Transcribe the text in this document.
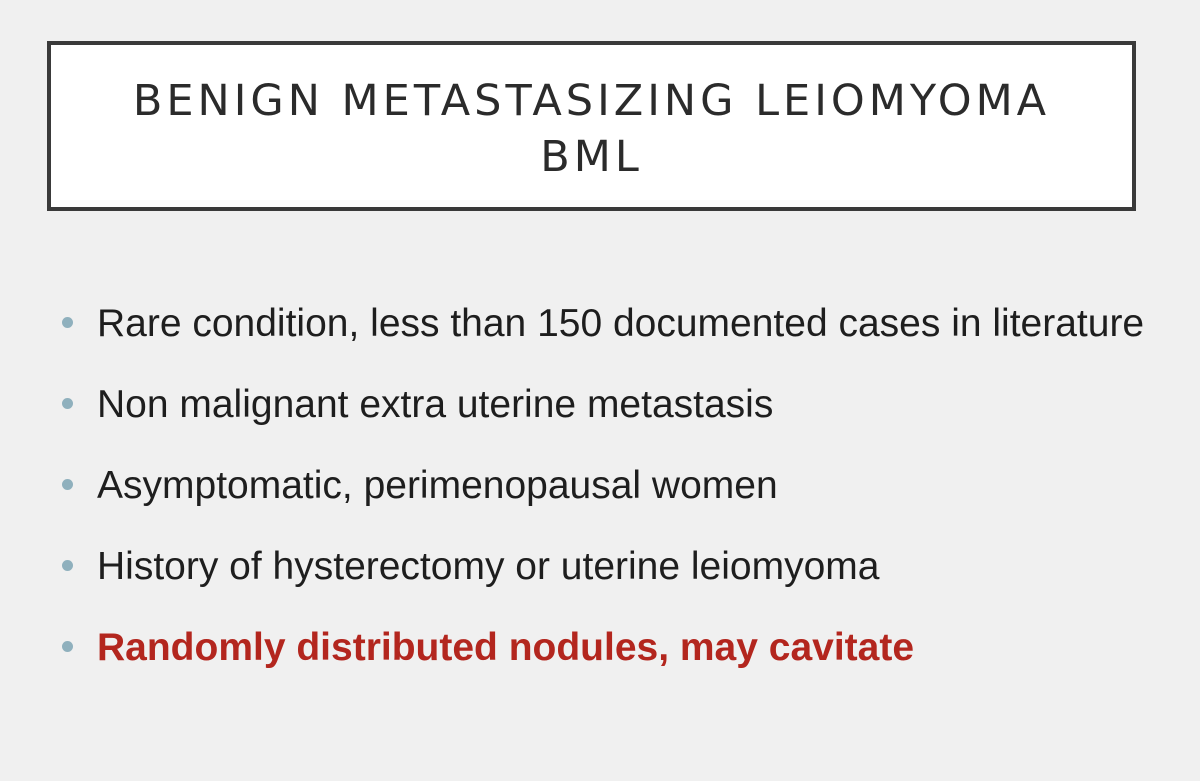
BENIGN METASTASIZING LEIOMYOMA
BML
Rare condition, less than 150 documented cases in literature
Non malignant extra uterine metastasis
Asymptomatic, perimenopausal women
History of hysterectomy or uterine leiomyoma
Randomly distributed nodules, may cavitate
